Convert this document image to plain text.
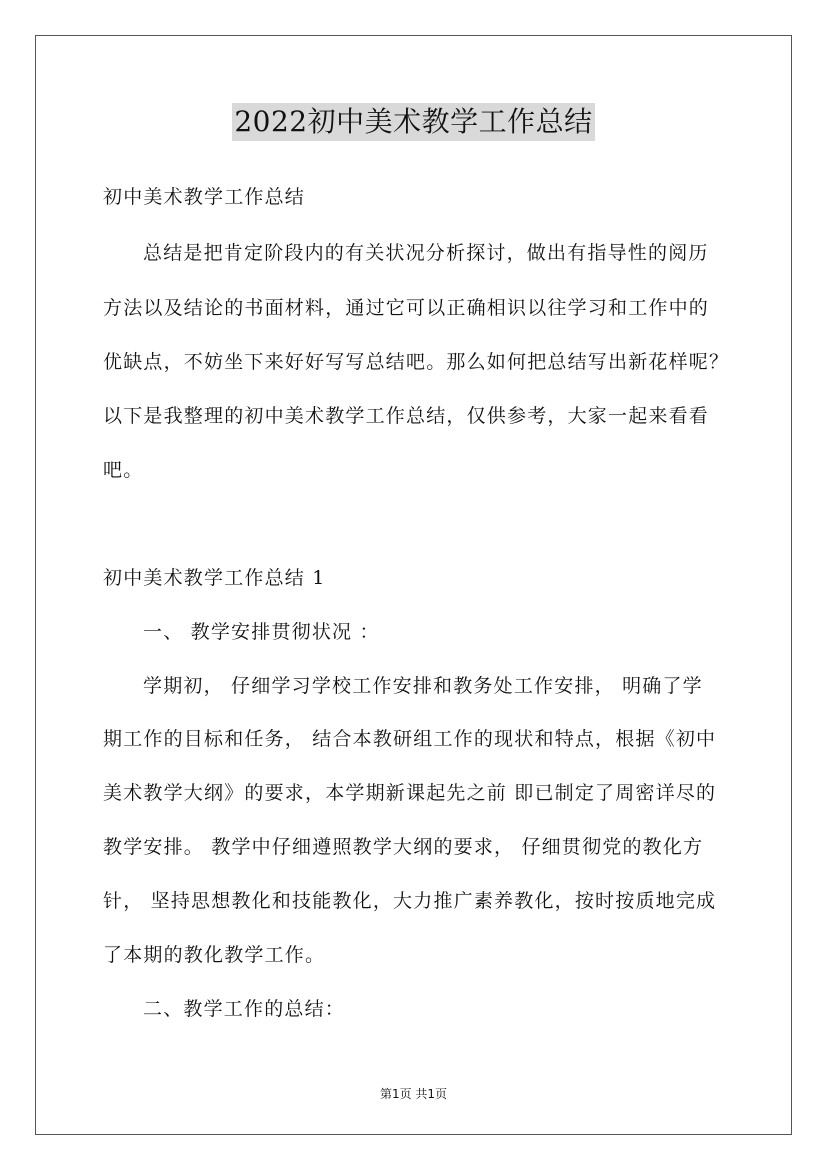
2022初中美术教学工作总结
初中美术教学工作总结
总结是把肯定阶段内的有关状况分析探讨，做出有指导性的阅历
方法以及结论的书面材料，通过它可以正确相识以往学习和工作中的
优缺点，不妨坐下来好好写写总结吧。那么如何把总结写出新花样呢？
以下是我整理的初中美术教学工作总结，仅供参考，大家一起来看看
吧。
初中美术教学工作总结 1
一、 教学安排贯彻状况 ：
学期初， 仔细学习学校工作安排和教务处工作安排， 明确了学
期工作的目标和任务， 结合本教研组工作的现状和特点，根据《初中
美术教学大纲》的要求，本学期新课起先之前 即已制定了周密详尽的
教学安排。 教学中仔细遵照教学大纲的要求， 仔细贯彻党的教化方
针， 坚持思想教化和技能教化，大力推广素养教化，按时按质地完成
了本期的教化教学工作。
二、教学工作的总结：
第1页 共1页
